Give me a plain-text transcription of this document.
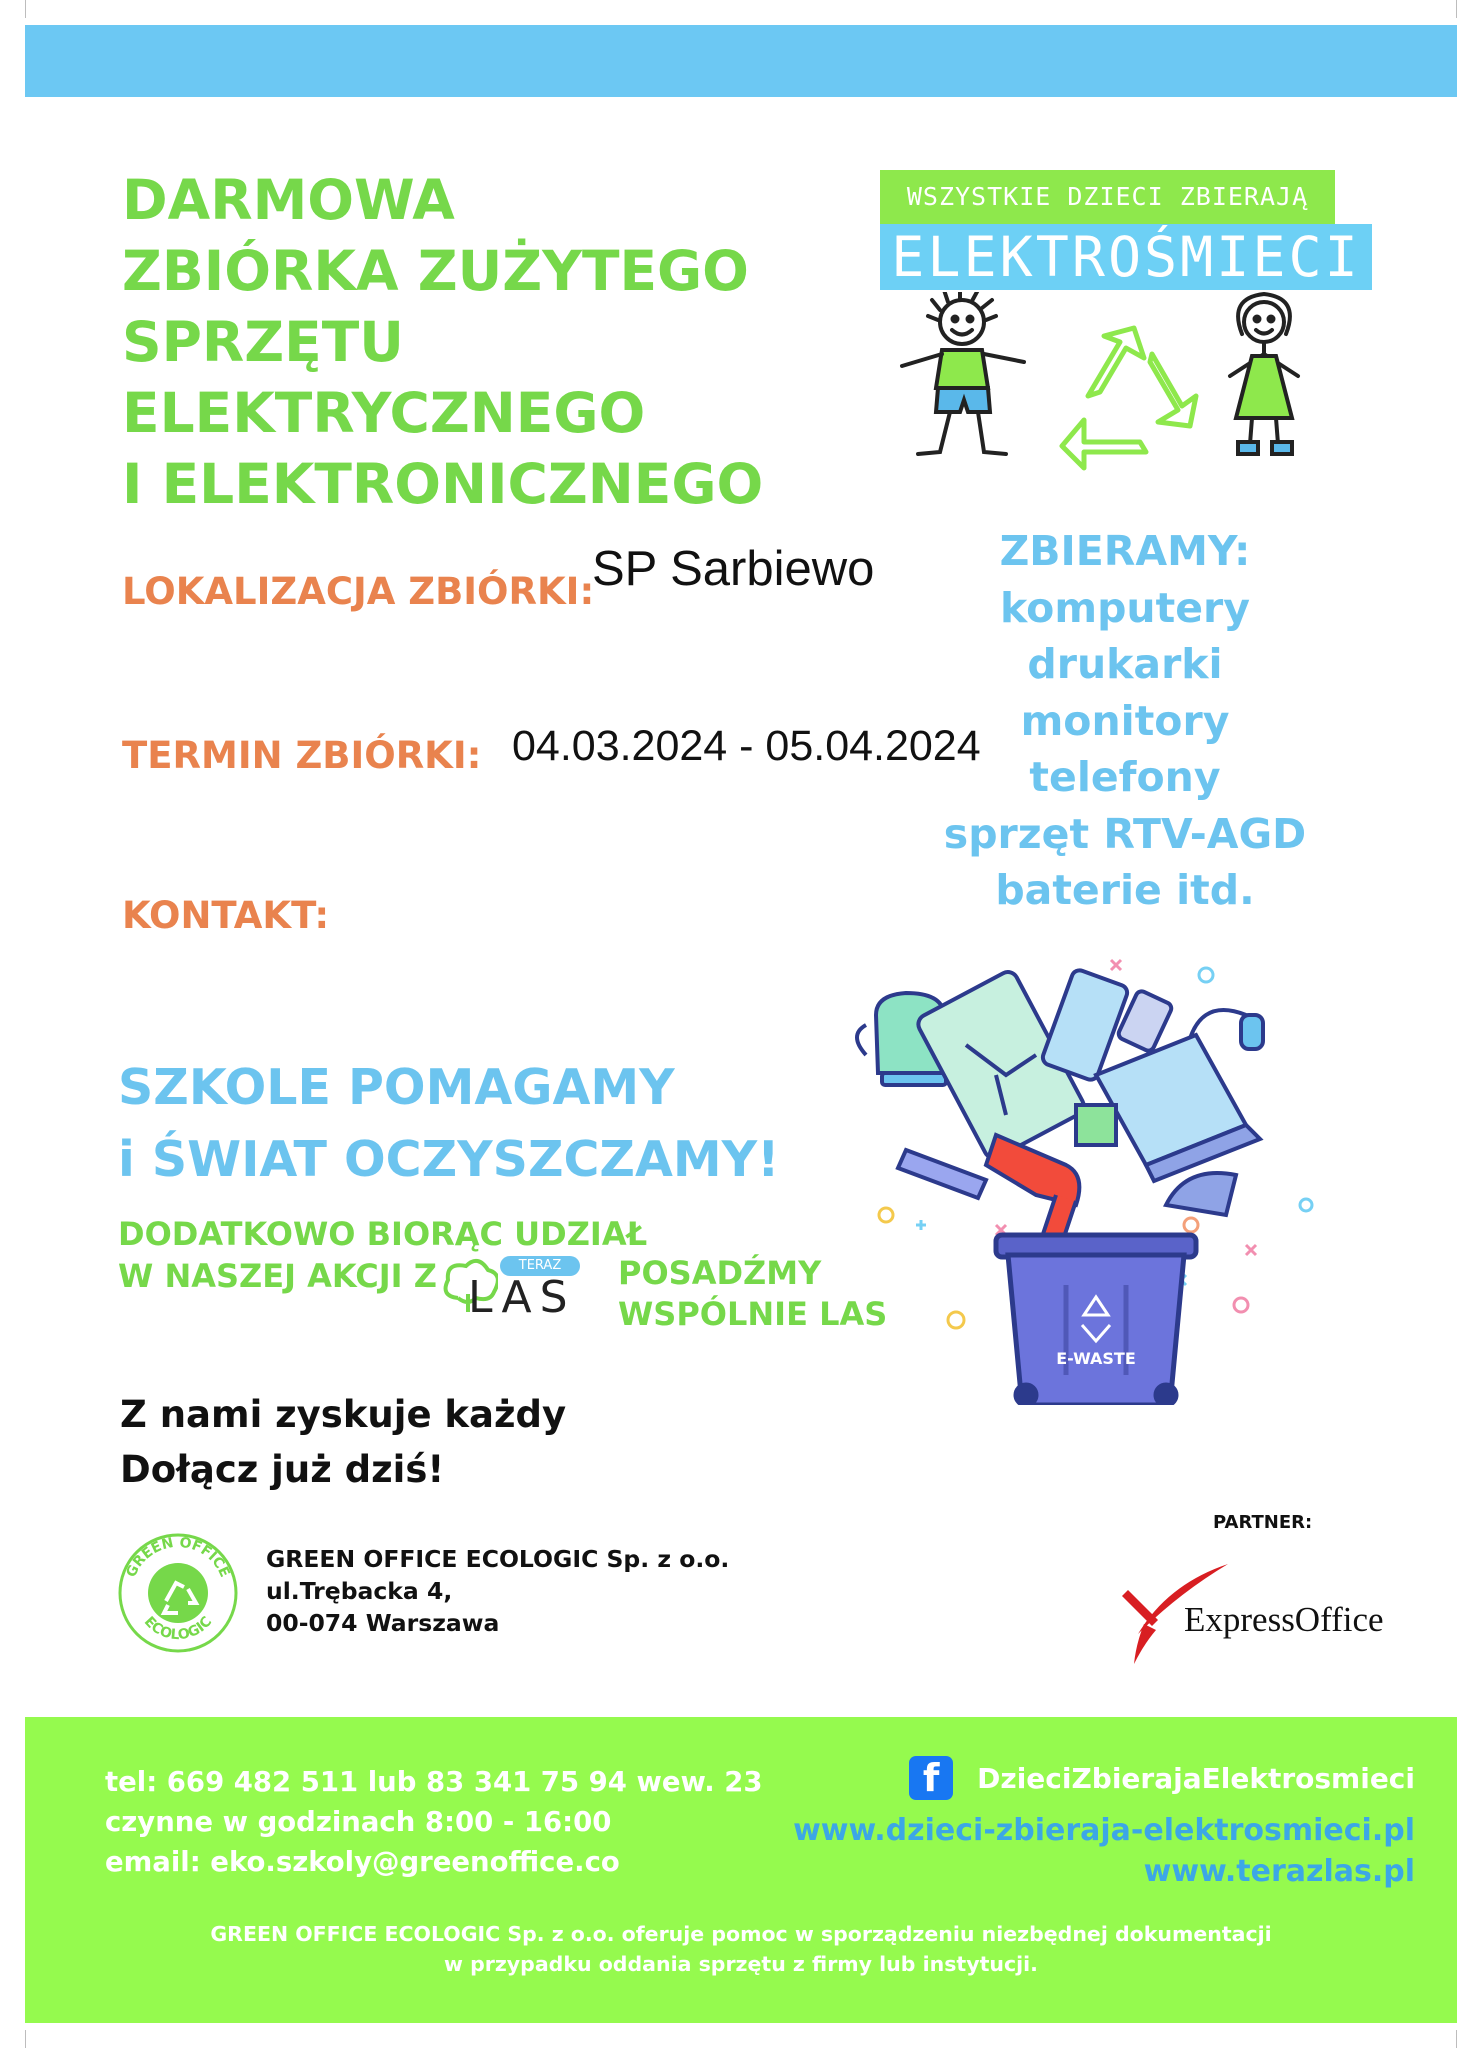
DARMOWA
ZBIÓRKA ZUŻYTEGO
SPRZĘTU
ELEKTRYCZNEGO
I ELEKTRONICZNEGO
WSZYSTKIE DZIECI ZBIERAJĄ
ELEKTROŚMIECI
LOKALIZACJA ZBIÓRKI:
SP Sarbiewo
TERMIN ZBIÓRKI: 04.03.2024 - 05.04.2024
KONTAKT:
ZBIERAMY:
komputery
drukarki
monitory
telefony
sprzęt RTV-AGD
baterie itd.
SZKOLE POMAGAMY
i ŚWIAT OCZYSZCZAMY!
DODATKOWO BIORĄC UDZIAŁ
W NASZEJ AKCJI Z	TERAZ
LAS POSADŹMY
WSPÓLNIE LAS
E-WASTE
Z nami zyskuje każdy
Dołącz już dziś!
GREEN OFFICE
ECOLOGIC
GREEN OFFICE ECOLOGIC Sp. z o.o.
ul.Trębacka 4,
00-074 Warszawa
PARTNER:
ExpressOffice
tel: 669 482 511 lub 83 341 75 94 wew. 23
czynne w godzinach 8:00 - 16:00
email: eko.szkoly@greenoffice.co
f	DzieciZbierajaElektrosmieci
www.dzieci-zbieraja-elektrosmieci.pl
www.terazlas.pl
GREEN OFFICE ECOLOGIC Sp. z o.o. oferuje pomoc w sporządzeniu niezbędnej dokumentacji
w przypadku oddania sprzętu z firmy lub instytucji.
